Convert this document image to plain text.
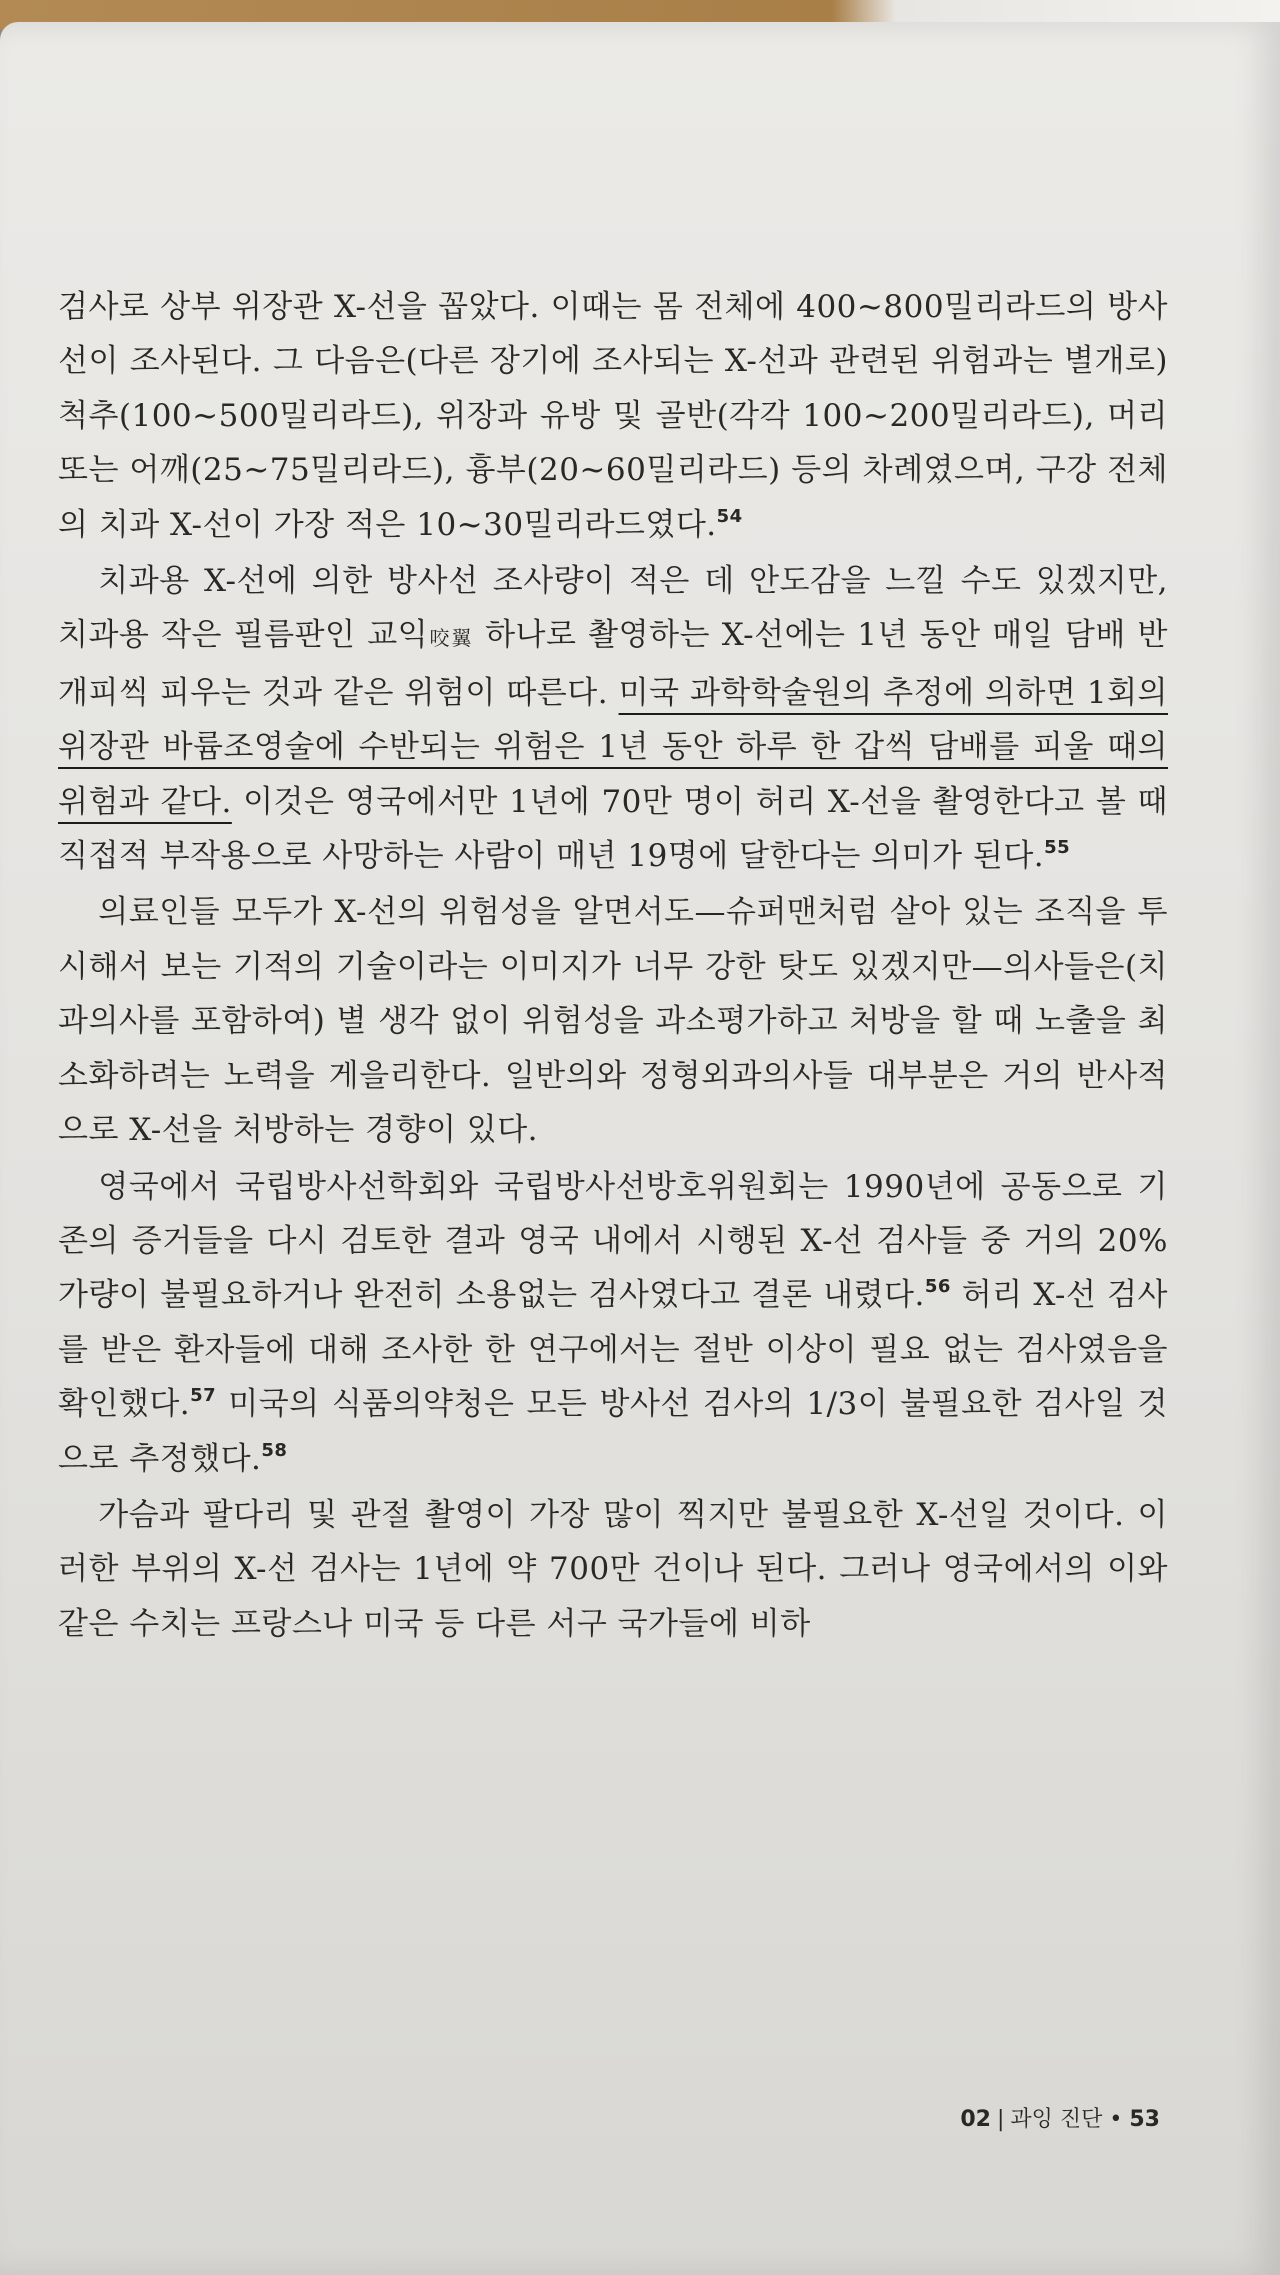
검사로 상부 위장관 X-선을 꼽았다. 이때는 몸 전체에 400~800밀리라드의 방사선이 조사된다. 그 다음은(다른 장기에 조사되는 X-선과 관련된 위험과는 별개로) 척추(100~500밀리라드), 위장과 유방 및 골반(각각 100~200밀리라드), 머리 또는 어깨(25~75밀리라드), 흉부(20~60밀리라드) 등의 차례였으며, 구강 전체의 치과 X-선이 가장 적은 10~30밀리라드였다.$^{54}$

치과용 X-선에 의한 방사선 조사량이 적은 데 안도감을 느낄 수도 있겠지만, 치과용 작은 필름판인 교익咬翼 하나로 촬영하는 X-선에는 1년 동안 매일 담배 반 개피씩 피우는 것과 같은 위험이 따른다. 미국 과학학술원의 추정에 의하면 1회의 위장관 바륨조영술에 수반되는 위험은 1년 동안 하루 한 갑씩 담배를 피울 때의 위험과 같다. 이것은 영국에서만 1년에 70만 명이 허리 X-선을 촬영한다고 볼 때 직접적 부작용으로 사망하는 사람이 매년 19명에 달한다는 의미가 된다.$^{55}$

의료인들 모두가 X-선의 위험성을 알면서도—슈퍼맨처럼 살아 있는 조직을 투시해서 보는 기적의 기술이라는 이미지가 너무 강한 탓도 있겠지만—의사들은(치과의사를 포함하여) 별 생각 없이 위험성을 과소평가하고 처방을 할 때 노출을 최소화하려는 노력을 게을리한다. 일반의와 정형외과의사들 대부분은 거의 반사적으로 X-선을 처방하는 경향이 있다.

영국에서 국립방사선학회와 국립방사선방호위원회는 1990년에 공동으로 기존의 증거들을 다시 검토한 결과 영국 내에서 시행된 X-선 검사들 중 거의 20% 가량이 불필요하거나 완전히 소용없는 검사였다고 결론 내렸다.$^{56}$ 허리 X-선 검사를 받은 환자들에 대해 조사한 한 연구에서는 절반 이상이 필요 없는 검사였음을 확인했다.$^{57}$ 미국의 식품의약청은 모든 방사선 검사의 1/3이 불필요한 검사일 것으로 추정했다.$^{58}$

가슴과 팔다리 및 관절 촬영이 가장 많이 찍지만 불필요한 X-선일 것이다. 이러한 부위의 X-선 검사는 1년에 약 700만 건이나 된다. 그러나 영국에서의 이와 같은 수치는 프랑스나 미국 등 다른 서구 국가들에 비하

02 | 과잉 진단 • 53
